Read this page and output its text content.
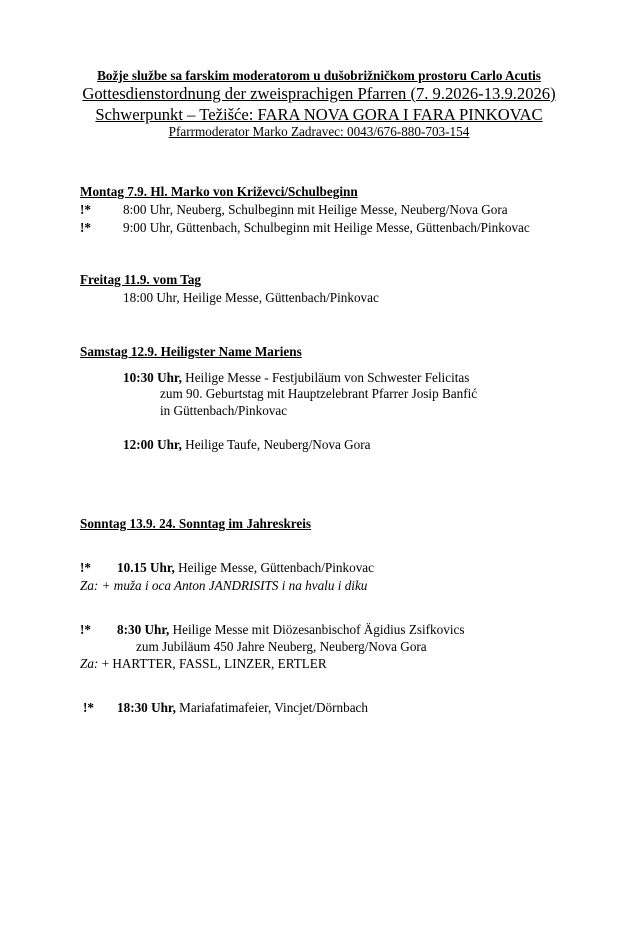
Božje službe sa farskim moderatorom u dušobrižničkom prostoru Carlo Acutis
Gottesdienstordnung der zweisprachigen Pfarren (7. 9.2026-13.9.2026)
Schwerpunkt – Težišće: FARA NOVA GORA I FARA PINKOVAC
Pfarrmoderator Marko Zadravec: 0043/676-880-703-154
Montag 7.9. Hl. Marko von Križevci/Schulbeginn
!* 8:00 Uhr, Neuberg, Schulbeginn mit Heilige Messe, Neuberg/Nova Gora
!* 9:00 Uhr, Güttenbach, Schulbeginn mit Heilige Messe, Güttenbach/Pinkovac
Freitag 11.9. vom Tag
18:00 Uhr, Heilige Messe, Güttenbach/Pinkovac
Samstag 12.9. Heiligster Name Mariens
10:30 Uhr, Heilige Messe - Festjubiläum von Schwester Felicitas
zum 90. Geburtstag mit Hauptzelebrant Pfarrer Josip Banfić
in Güttenbach/Pinkovac
12:00 Uhr, Heilige Taufe, Neuberg/Nova Gora
Sonntag 13.9. 24. Sonntag im Jahreskreis
!* 10.15 Uhr, Heilige Messe, Güttenbach/Pinkovac
Za: + muža i oca Anton JANDRISITS i na hvalu i diku
!* 8:30 Uhr, Heilige Messe mit Diözesanbischof Ägidius Zsifkovics
zum Jubiläum 450 Jahre Neuberg, Neuberg/Nova Gora
Za: + HARTTER, FASSL, LINZER, ERTLER
!* 18:30 Uhr, Mariafatimafeier, Vincjet/Dörnbach
